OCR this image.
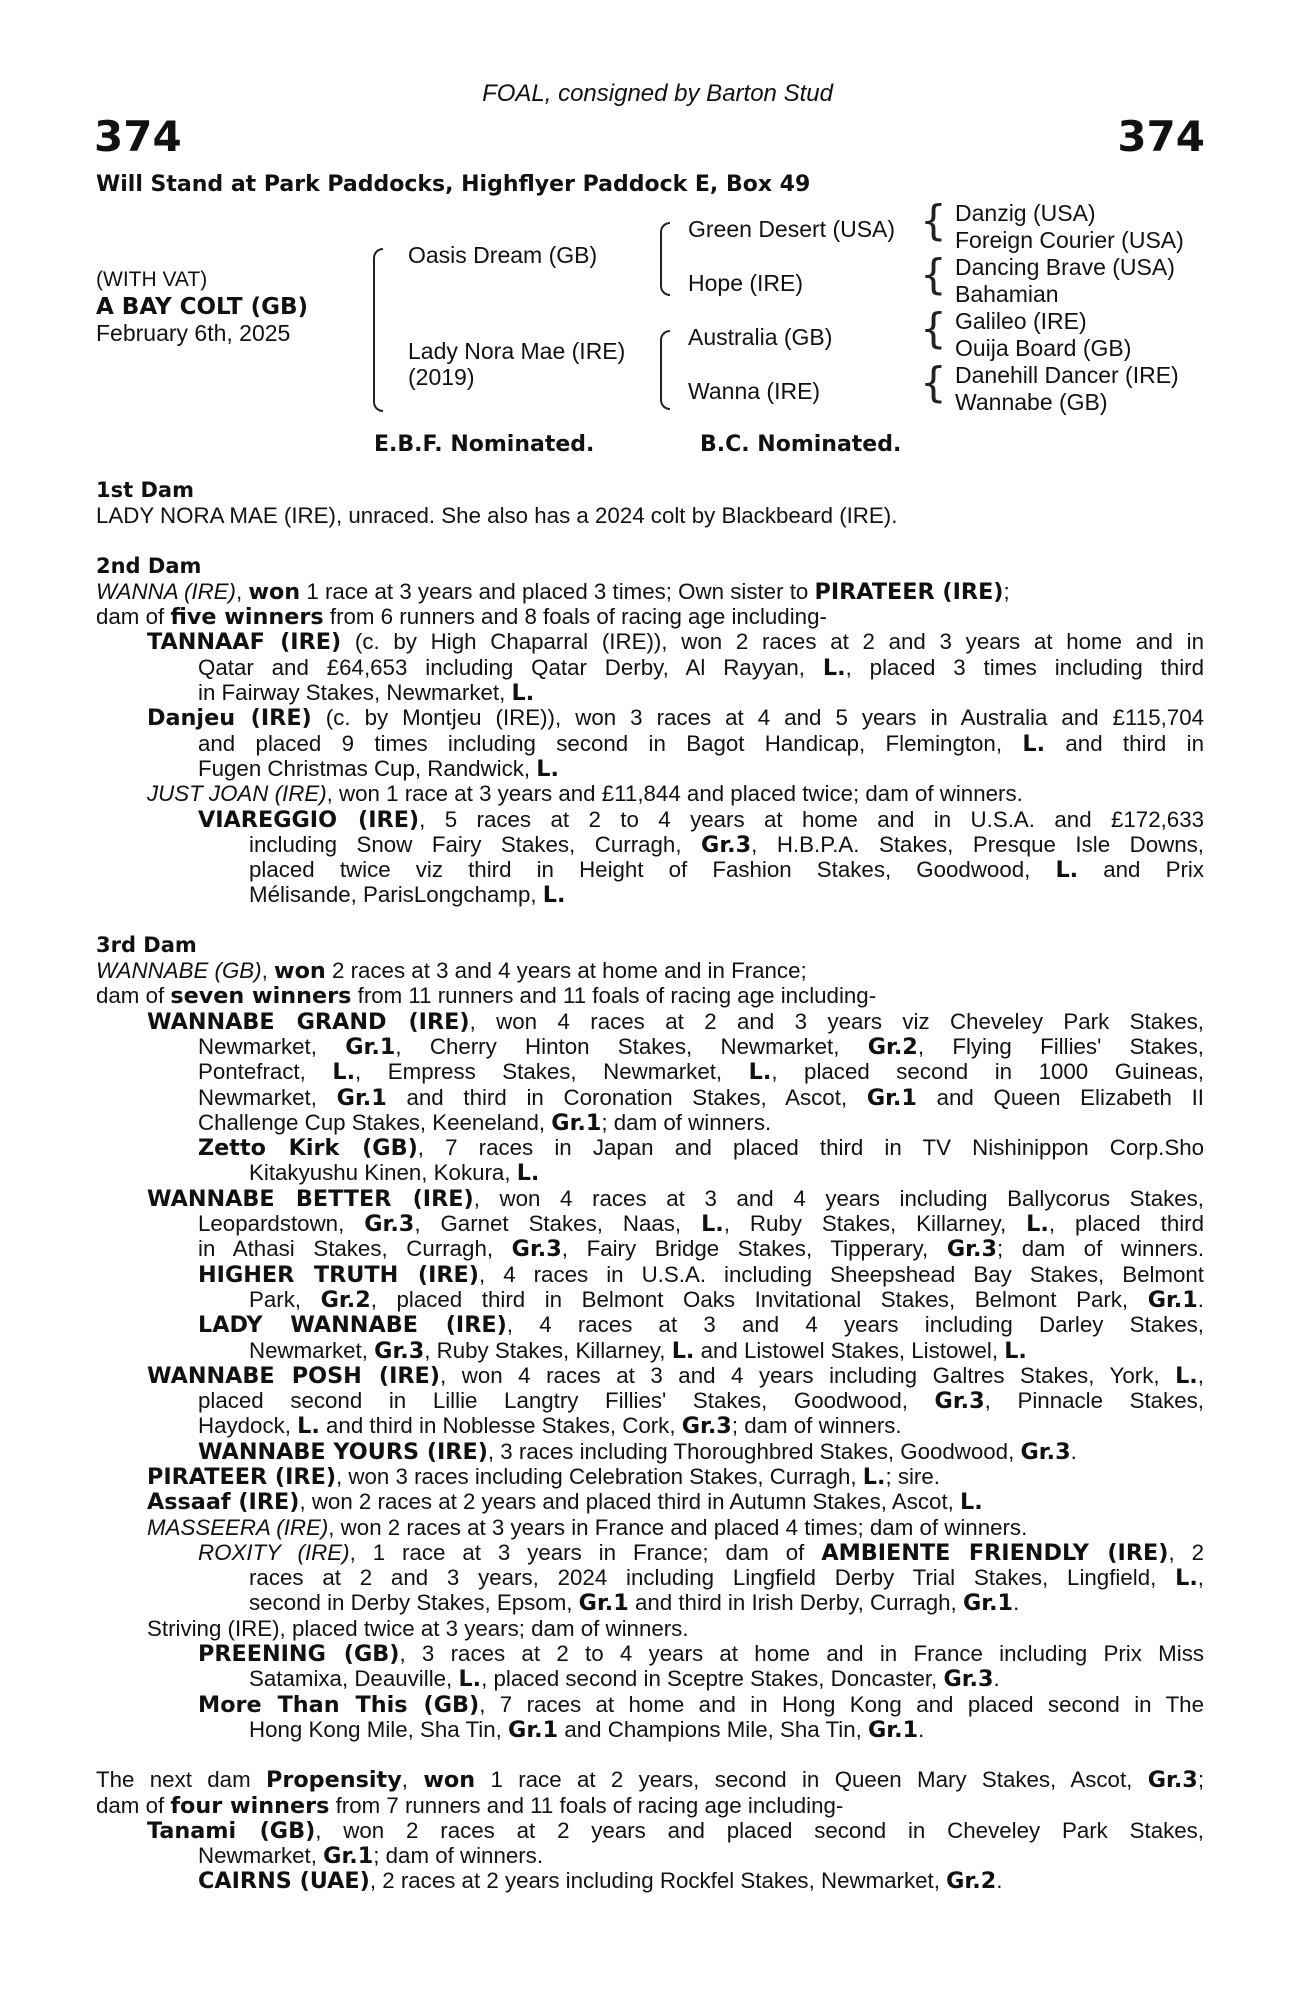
FOAL, consigned by Barton Stud
374	374
Will Stand at Park Paddocks, Highflyer Paddock E, Box 49
(WITH VAT)
A BAY COLT (GB)
February 6th, 2025
{
{
{
{
Oasis Dream (GB)
Lady Nora Mae (IRE)
(2019)
Green Desert (USA)
Hope (IRE)
Australia (GB)
Wanna (IRE)
Danzig (USA)
Foreign Courier (USA)
Dancing Brave (USA)
Bahamian
Galileo (IRE)
Ouija Board (GB)
Danehill Dancer (IRE)
Wannabe (GB)
E.B.F. Nominated.	B.C. Nominated.
1st Dam
LADY NORA MAE (IRE), unraced. She also has a 2024 colt by Blackbeard (IRE).
2nd Dam
WANNA (IRE), won 1 race at 3 years and placed 3 times; Own sister to PIRATEER (IRE);
dam of five winners from 6 runners and 8 foals of racing age including-
TANNAAF (IRE) (c. by High Chaparral (IRE)), won 2 races at 2 and 3 years at home and in
Qatar and £64,653 including Qatar Derby, Al Rayyan, L., placed 3 times including third
in Fairway Stakes, Newmarket, L.
Danjeu (IRE) (c. by Montjeu (IRE)), won 3 races at 4 and 5 years in Australia and £115,704
and placed 9 times including second in Bagot Handicap, Flemington, L. and third in
Fugen Christmas Cup, Randwick, L.
JUST JOAN (IRE), won 1 race at 3 years and £11,844 and placed twice; dam of winners.
VIAREGGIO (IRE), 5 races at 2 to 4 years at home and in U.S.A. and £172,633
including Snow Fairy Stakes, Curragh, Gr.3, H.B.P.A. Stakes, Presque Isle Downs,
placed twice viz third in Height of Fashion Stakes, Goodwood, L. and Prix
Mélisande, ParisLongchamp, L.
3rd Dam
WANNABE (GB), won 2 races at 3 and 4 years at home and in France;
dam of seven winners from 11 runners and 11 foals of racing age including-
WANNABE GRAND (IRE), won 4 races at 2 and 3 years viz Cheveley Park Stakes,
Newmarket, Gr.1, Cherry Hinton Stakes, Newmarket, Gr.2, Flying Fillies' Stakes,
Pontefract, L., Empress Stakes, Newmarket, L., placed second in 1000 Guineas,
Newmarket, Gr.1 and third in Coronation Stakes, Ascot, Gr.1 and Queen Elizabeth II
Challenge Cup Stakes, Keeneland, Gr.1; dam of winners.
Zetto Kirk (GB), 7 races in Japan and placed third in TV Nishinippon Corp.Sho
Kitakyushu Kinen, Kokura, L.
WANNABE BETTER (IRE), won 4 races at 3 and 4 years including Ballycorus Stakes,
Leopardstown, Gr.3, Garnet Stakes, Naas, L., Ruby Stakes, Killarney, L., placed third
in Athasi Stakes, Curragh, Gr.3, Fairy Bridge Stakes, Tipperary, Gr.3; dam of winners.
HIGHER TRUTH (IRE), 4 races in U.S.A. including Sheepshead Bay Stakes, Belmont
Park, Gr.2, placed third in Belmont Oaks Invitational Stakes, Belmont Park, Gr.1.
LADY WANNABE (IRE), 4 races at 3 and 4 years including Darley Stakes,
Newmarket, Gr.3, Ruby Stakes, Killarney, L. and Listowel Stakes, Listowel, L.
WANNABE POSH (IRE), won 4 races at 3 and 4 years including Galtres Stakes, York, L.,
placed second in Lillie Langtry Fillies' Stakes, Goodwood, Gr.3, Pinnacle Stakes,
Haydock, L. and third in Noblesse Stakes, Cork, Gr.3; dam of winners.
WANNABE YOURS (IRE), 3 races including Thoroughbred Stakes, Goodwood, Gr.3.
PIRATEER (IRE), won 3 races including Celebration Stakes, Curragh, L.; sire.
Assaaf (IRE), won 2 races at 2 years and placed third in Autumn Stakes, Ascot, L.
MASSEERA (IRE), won 2 races at 3 years in France and placed 4 times; dam of winners.
ROXITY (IRE), 1 race at 3 years in France; dam of AMBIENTE FRIENDLY (IRE), 2
races at 2 and 3 years, 2024 including Lingfield Derby Trial Stakes, Lingfield, L.,
second in Derby Stakes, Epsom, Gr.1 and third in Irish Derby, Curragh, Gr.1.
Striving (IRE), placed twice at 3 years; dam of winners.
PREENING (GB), 3 races at 2 to 4 years at home and in France including Prix Miss
Satamixa, Deauville, L., placed second in Sceptre Stakes, Doncaster, Gr.3.
More Than This (GB), 7 races at home and in Hong Kong and placed second in The
Hong Kong Mile, Sha Tin, Gr.1 and Champions Mile, Sha Tin, Gr.1.
The next dam Propensity, won 1 race at 2 years, second in Queen Mary Stakes, Ascot, Gr.3;
dam of four winners from 7 runners and 11 foals of racing age including-
Tanami (GB), won 2 races at 2 years and placed second in Cheveley Park Stakes,
Newmarket, Gr.1; dam of winners.
CAIRNS (UAE), 2 races at 2 years including Rockfel Stakes, Newmarket, Gr.2.
